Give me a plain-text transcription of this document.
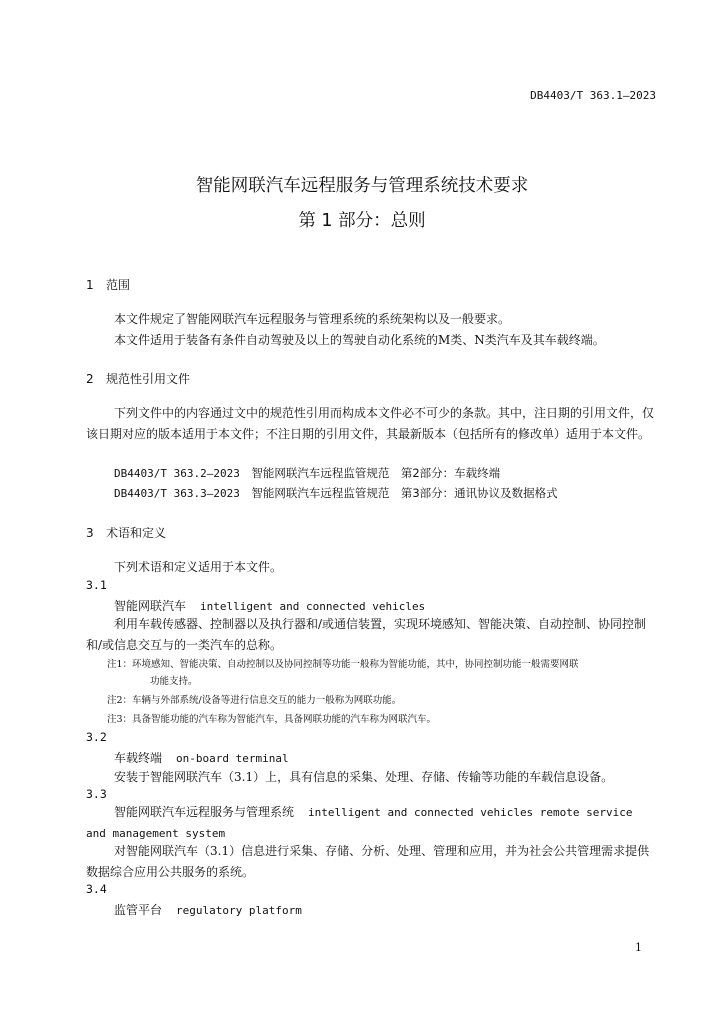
DB4403/T 363.1—2023
智能网联汽车远程服务与管理系统技术要求
第 1 部分：总则
1 范围
本文件规定了智能网联汽车远程服务与管理系统的系统架构以及一般要求。
本文件适用于装备有条件自动驾驶及以上的驾驶自动化系统的M类、N类汽车及其车载终端。
2 规范性引用文件
下列文件中的内容通过文中的规范性引用而构成本文件必不可少的条款。其中，注日期的引用文件，仅该日期对应的版本适用于本文件；不注日期的引用文件，其最新版本（包括所有的修改单）适用于本文件。
DB4403/T 363.2—2023　 智能网联汽车远程监管规范　第2部分：车载终端
DB4403/T 363.3—2023　 智能网联汽车远程监管规范　第3部分：通讯协议及数据格式
3 术语和定义
下列术语和定义适用于本文件。
3.1
智能网联汽车 intelligent and connected vehicles
利用车载传感器、控制器以及执行器和/或通信装置，实现环境感知、智能决策、自动控制、协同控制和/或信息交互与的一类汽车的总称。
注1：环境感知、智能决策、自动控制以及协同控制等功能一般称为智能功能，其中，协同控制功能一般需要网联
功能支持。
注2：车辆与外部系统/设备等进行信息交互的能力一般称为网联功能。
注3：具备智能功能的汽车称为智能汽车，具备网联功能的汽车称为网联汽车。
3.2
车载终端 on-board terminal
安装于智能网联汽车（3.1）上，具有信息的采集、处理、存储、传输等功能的车载信息设备。
3.3
智能网联汽车远程服务与管理系统 intelligent and connected vehicles remote service and management system
对智能网联汽车（3.1）信息进行采集、存储、分析、处理、管理和应用，并为社会公共管理需求提供数据综合应用公共服务的系统。
3.4
监管平台 regulatory platform
1
